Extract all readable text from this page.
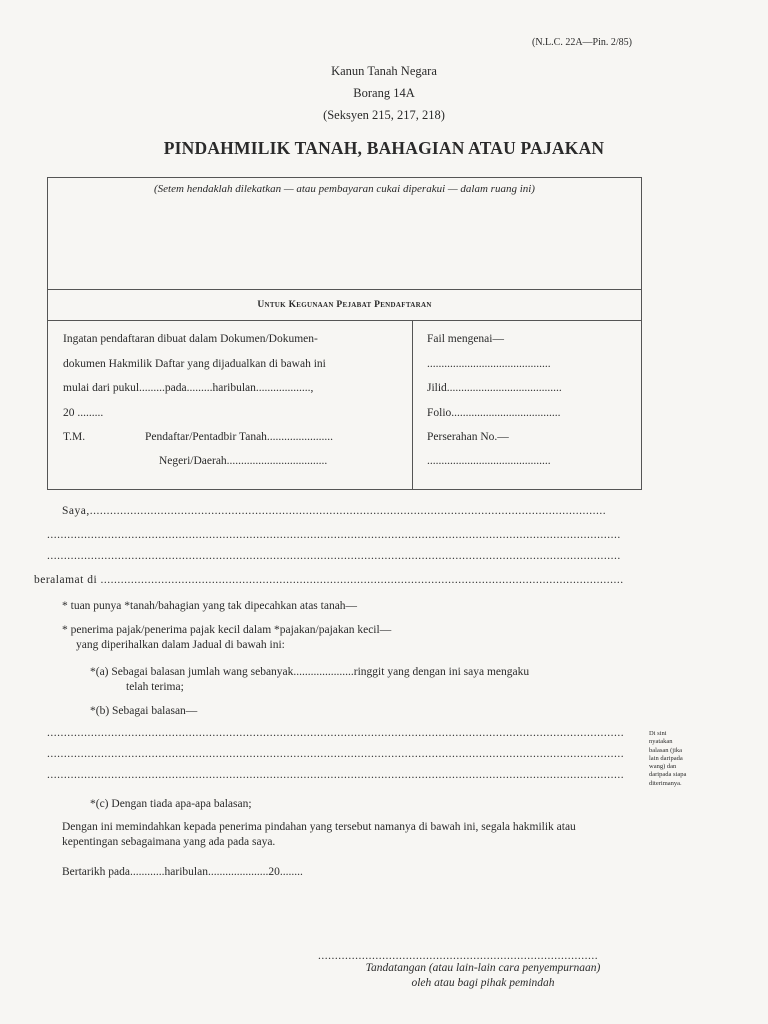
(N.L.C. 22A—Pin. 2/85)
Kanun Tanah Negara
Borang 14A
(Seksyen 215, 217, 218)
PINDAHMILIK TANAH, BAHAGIAN ATAU PAJAKAN
(Setem hendaklah dilekatkan — atau pembayaran cukai diperakui — dalam ruang ini)
Untuk Kegunaan Pejabat Pendaftaran
Ingatan pendaftaran dibuat dalam Dokumen/Dokumen-
dokumen Hakmilik Daftar yang dijadualkan di bawah ini
mulai dari pukul.........pada.........haribulan...................,
20 .........
T.M.	Pendaftar/Pentadbir Tanah.......................
Negeri/Daerah...................................
Fail mengenai—
...........................................
Jilid........................................
Folio......................................
Perserahan No.—
...........................................
Saya,.........................................................................................................................................................
..........................................................................................................................................................................
..........................................................................................................................................................................
beralamat di ...........................................................................................................................................................
* tuan punya *tanah/bahagian yang tak dipecahkan atas tanah—
* penerima pajak/penerima pajak kecil dalam *pajakan/pajakan kecil—
yang diperihalkan dalam Jadual di bawah ini:
*(a) Sebagai balasan jumlah wang sebanyak.....................ringgit yang dengan ini saya mengaku
telah terima;
*(b) Sebagai balasan—
...........................................................................................................................................................................
...........................................................................................................................................................................
...........................................................................................................................................................................
Di sini
nyatakan
balasan (jika
lain daripada
wang) dan
daripada siapa
diterimanya.
*(c) Dengan tiada apa-apa balasan;
Dengan ini memindahkan kepada penerima pindahan yang tersebut namanya di bawah ini, segala hakmilik atau
kepentingan sebagaimana yang ada pada saya.
Bertarikh pada............haribulan.....................20........
...................................................................................
Tandatangan (atau lain-lain cara penyempurnaan)
oleh atau bagi pihak pemindah
